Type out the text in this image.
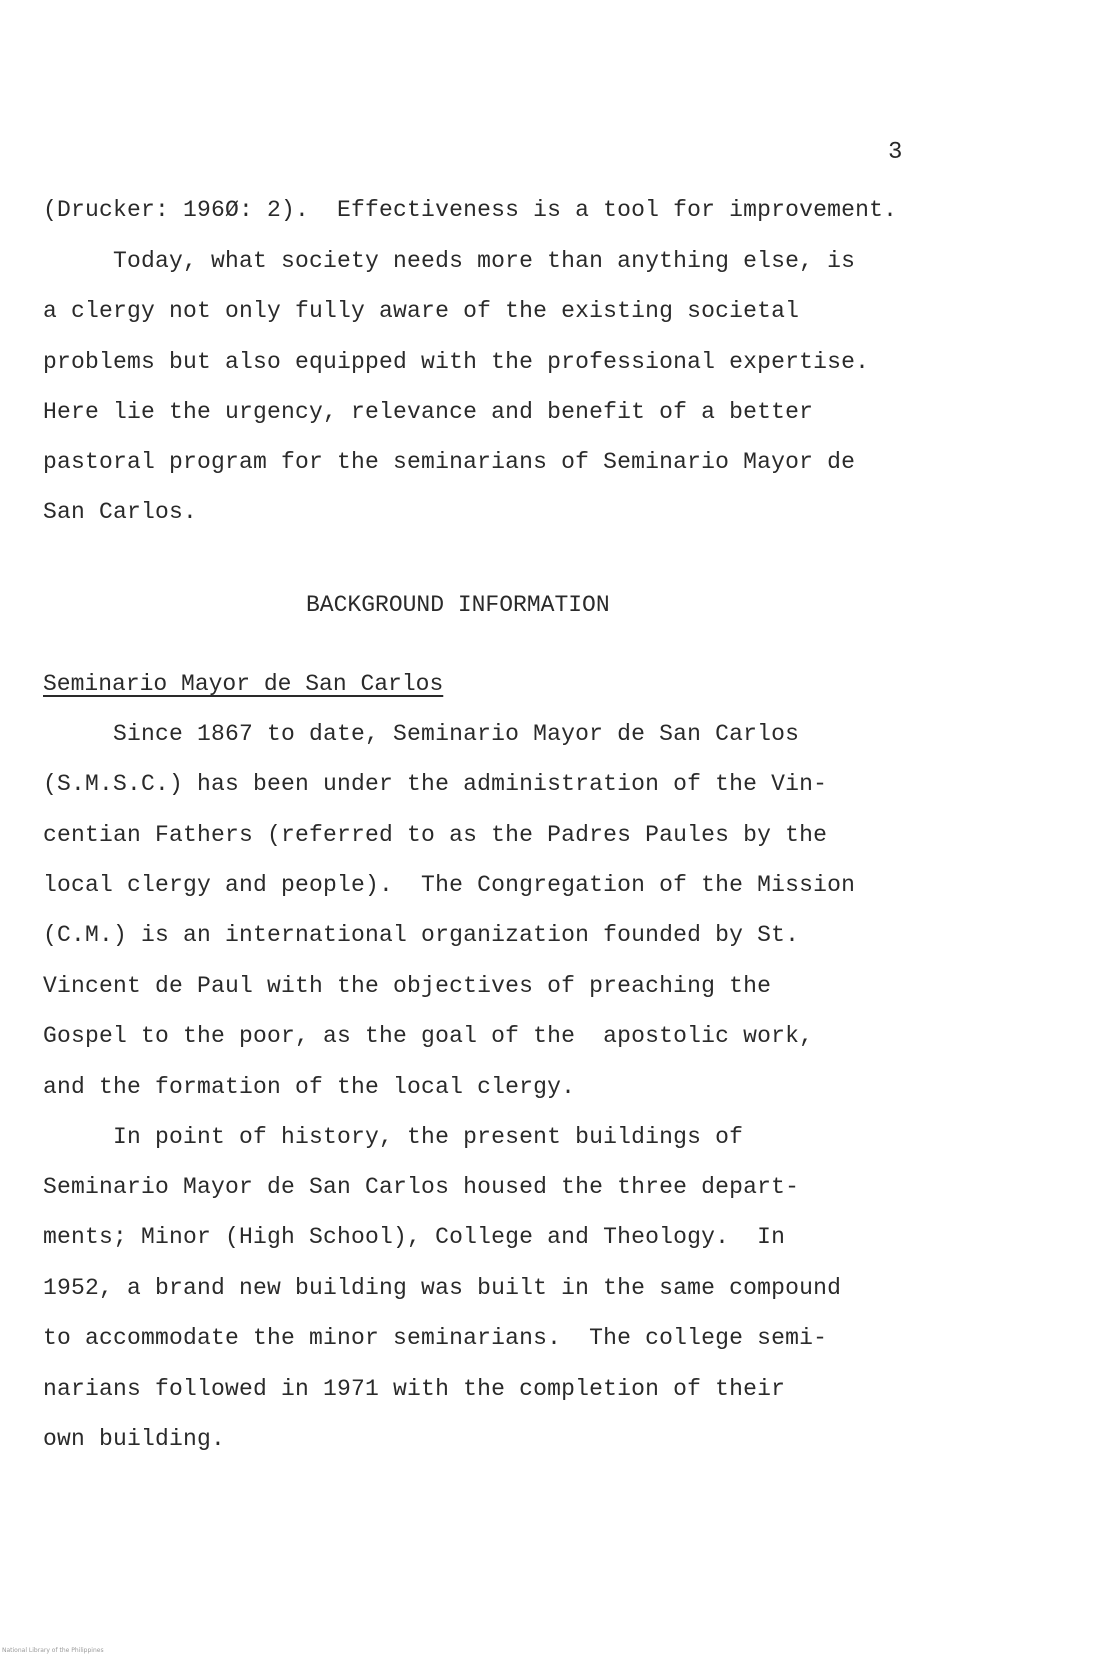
3
(Drucker: 196Ø: 2).  Effectiveness is a tool for improvement.
Today, what society needs more than anything else, is
a clergy not only fully aware of the existing societal
problems but also equipped with the professional expertise.
Here lie the urgency, relevance and benefit of a better
pastoral program for the seminarians of Seminario Mayor de
San Carlos.
BACKGROUND INFORMATION
Seminario Mayor de San Carlos
Since 1867 to date, Seminario Mayor de San Carlos
(S.M.S.C.) has been under the administration of the Vin-
centian Fathers (referred to as the Padres Paules by the
local clergy and people).  The Congregation of the Mission
(C.M.) is an international organization founded by St.
Vincent de Paul with the objectives of preaching the
Gospel to the poor, as the goal of the  apostolic work,
and the formation of the local clergy.
In point of history, the present buildings of
Seminario Mayor de San Carlos housed the three depart-
ments; Minor (High School), College and Theology.  In
1952, a brand new building was built in the same compound
to accommodate the minor seminarians.  The college semi-
narians followed in 1971 with the completion of their
own building.
National Library of the Philippines
